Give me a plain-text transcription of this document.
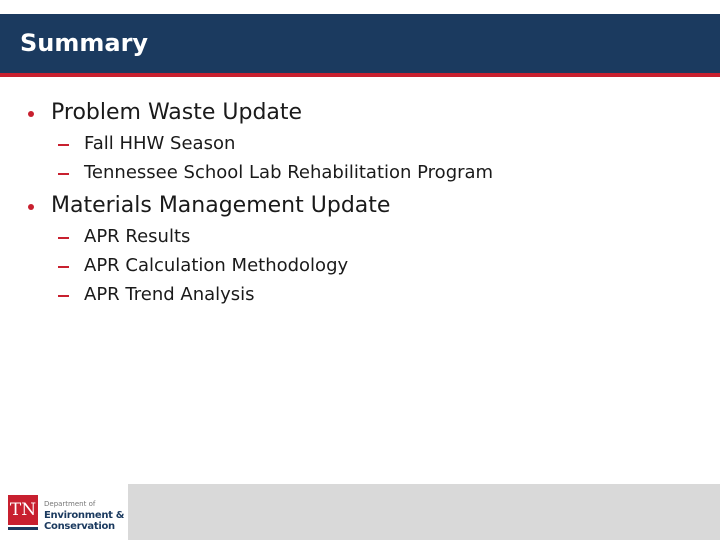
Summary
Problem Waste Update
Fall HHW Season
Tennessee School Lab Rehabilitation Program
Materials Management Update
APR Results
APR Calculation Methodology
APR Trend Analysis
TN Department of
Environment &
Conservation
